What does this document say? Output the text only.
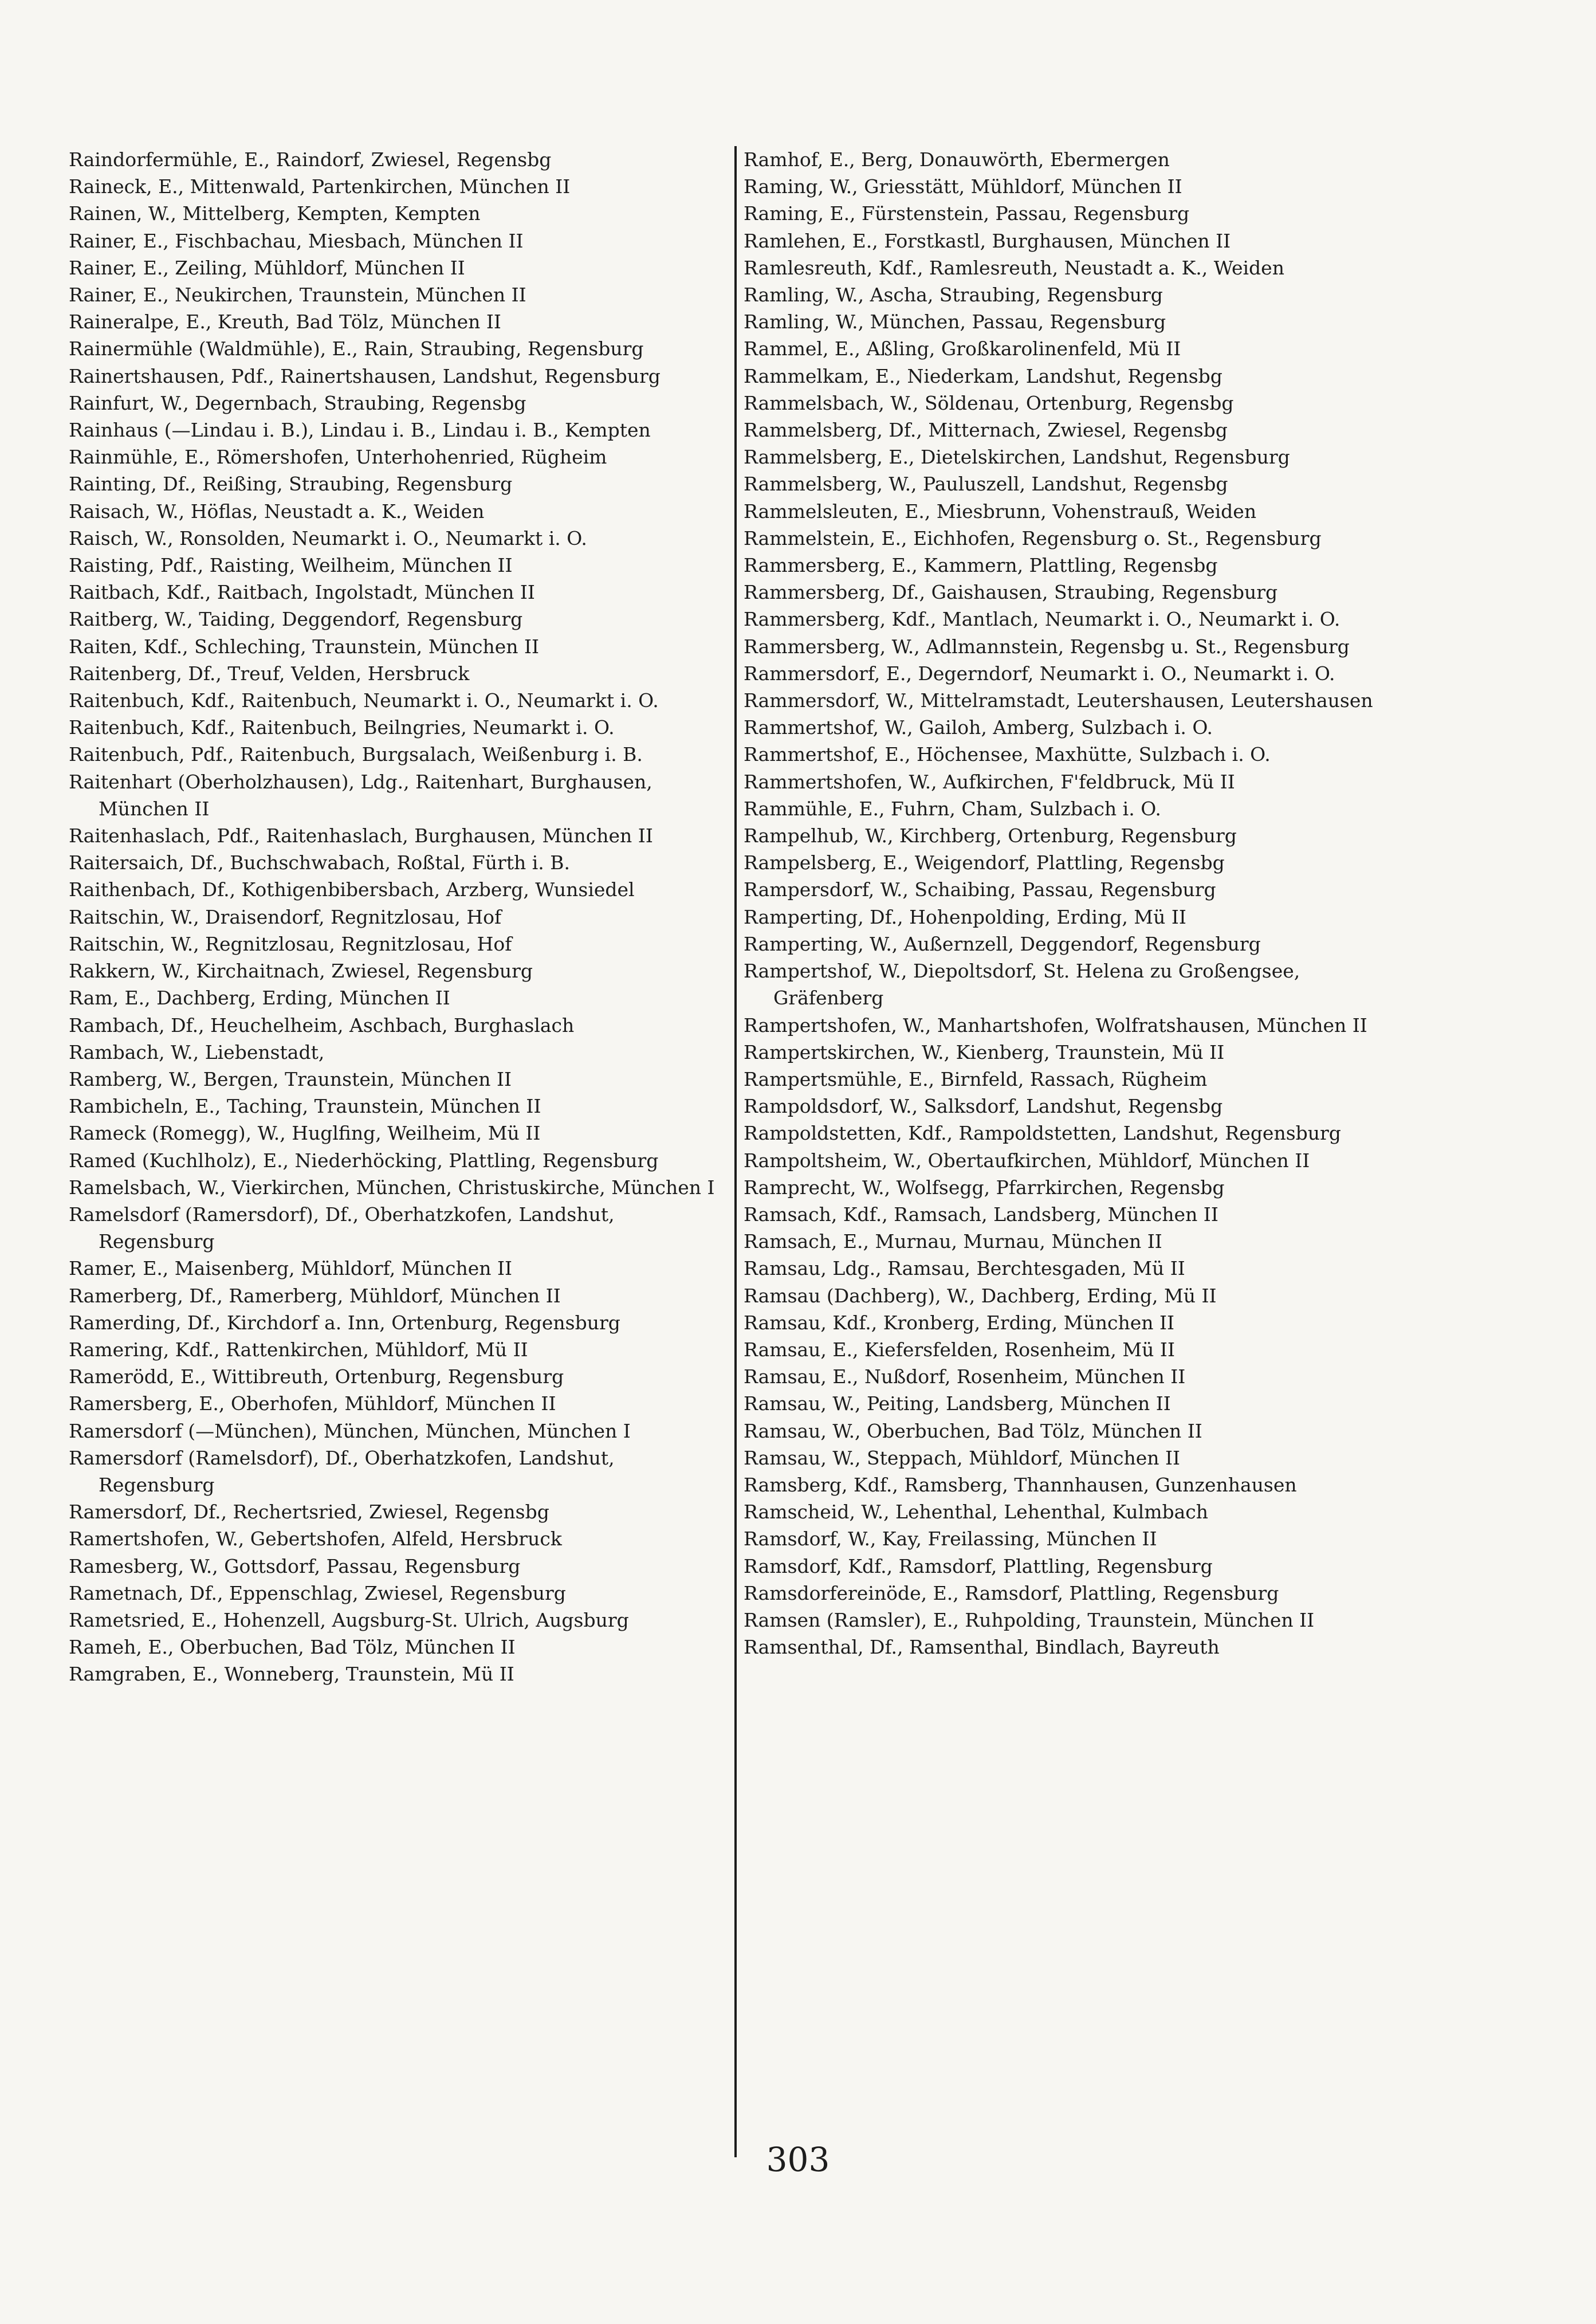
Raindorfermühle, E., Raindorf, Zwiesel, Regensbg

Raineck, E., Mittenwald, Partenkirchen, München II

Rainen, W., Mittelberg, Kempten, Kempten

Rainer, E., Fischbachau, Miesbach, München II

Rainer, E., Zeiling, Mühldorf, München II

Rainer, E., Neukirchen, Traunstein, München II

Raineralpe, E., Kreuth, Bad Tölz, München II

Rainermühle (Waldmühle), E., Rain, Straubing, Regensburg

Rainertshausen, Pdf., Rainertshausen, Landshut, Regensburg

Rainfurt, W., Degernbach, Straubing, Regensbg

Rainhaus (—Lindau i. B.), Lindau i. B., Lindau i. B., Kempten

Rainmühle, E., Römershofen, Unterhohenried, Rügheim

Rainting, Df., Reißing, Straubing, Regensburg

Raisach, W., Höflas, Neustadt a. K., Weiden

Raisch, W., Ronsolden, Neumarkt i. O., Neumarkt i. O.

Raisting, Pdf., Raisting, Weilheim, München II

Raitbach, Kdf., Raitbach, Ingolstadt, München II

Raitberg, W., Taiding, Deggendorf, Regensburg

Raiten, Kdf., Schleching, Traunstein, München II

Raitenberg, Df., Treuf, Velden, Hersbruck

Raitenbuch, Kdf., Raitenbuch, Neumarkt i. O., Neumarkt i. O.

Raitenbuch, Kdf., Raitenbuch, Beilngries, Neumarkt i. O.

Raitenbuch, Pdf., Raitenbuch, Burgsalach, Weißenburg i. B.

Raitenhart (Oberholzhausen), Ldg., Raitenhart, Burghausen, München II

Raitenhaslach, Pdf., Raitenhaslach, Burghausen, München II

Raitersaich, Df., Buchschwabach, Roßtal, Fürth i. B.

Raithenbach, Df., Kothigenbibersbach, Arzberg, Wunsiedel

Raitschin, W., Draisendorf, Regnitzlosau, Hof

Raitschin, W., Regnitzlosau, Regnitzlosau, Hof

Rakkern, W., Kirchaitnach, Zwiesel, Regensburg

Ram, E., Dachberg, Erding, München II

Rambach, Df., Heuchelheim, Aschbach, Burghaslach

Rambach, W., Liebenstadt,

Ramberg, W., Bergen, Traunstein, München II

Rambicheln, E., Taching, Traunstein, München II

Rameck (Romegg), W., Huglfing, Weilheim, Mü II

Ramed (Kuchlholz), E., Niederhöcking, Plattling, Regensburg

Ramelsbach, W., Vierkirchen, München, Christuskirche, München I

Ramelsdorf (Ramersdorf), Df., Oberhatzkofen, Landshut, Regensburg

Ramer, E., Maisenberg, Mühldorf, München II

Ramerberg, Df., Ramerberg, Mühldorf, München II

Ramerding, Df., Kirchdorf a. Inn, Ortenburg, Regensburg

Ramering, Kdf., Rattenkirchen, Mühldorf, Mü II

Ramerödd, E., Wittibreuth, Ortenburg, Regensburg

Ramersberg, E., Oberhofen, Mühldorf, München II

Ramersdorf (—München), München, München, München I

Ramersdorf (Ramelsdorf), Df., Oberhatzkofen, Landshut, Regensburg

Ramersdorf, Df., Rechertsried, Zwiesel, Regensbg

Ramertshofen, W., Gebertshofen, Alfeld, Hersbruck

Ramesberg, W., Gottsdorf, Passau, Regensburg

Rametnach, Df., Eppenschlag, Zwiesel, Regensburg

Rametsried, E., Hohenzell, Augsburg-St. Ulrich, Augsburg

Rameh, E., Oberbuchen, Bad Tölz, München II

Ramgraben, E., Wonneberg, Traunstein, Mü II

Ramhof, E., Berg, Donauwörth, Ebermergen

Raming, W., Griesstätt, Mühldorf, München II

Raming, E., Fürstenstein, Passau, Regensburg

Ramlehen, E., Forstkastl, Burghausen, München II

Ramlesreuth, Kdf., Ramlesreuth, Neustadt a. K., Weiden

Ramling, W., Ascha, Straubing, Regensburg

Ramling, W., München, Passau, Regensburg

Rammel, E., Aßling, Großkarolinenfeld, Mü II

Rammelkam, E., Niederkam, Landshut, Regensbg

Rammelsbach, W., Söldenau, Ortenburg, Regensbg

Rammelsberg, Df., Mitternach, Zwiesel, Regensbg

Rammelsberg, E., Dietelskirchen, Landshut, Regensburg

Rammelsberg, W., Pauluszell, Landshut, Regensbg

Rammelsleuten, E., Miesbrunn, Vohenstrauß, Weiden

Rammelstein, E., Eichhofen, Regensburg o. St., Regensburg

Rammersberg, E., Kammern, Plattling, Regensbg

Rammersberg, Df., Gaishausen, Straubing, Regensburg

Rammersberg, Kdf., Mantlach, Neumarkt i. O., Neumarkt i. O.

Rammersberg, W., Adlmannstein, Regensbg u. St., Regensburg

Rammersdorf, E., Degerndorf, Neumarkt i. O., Neumarkt i. O.

Rammersdorf, W., Mittelramstadt, Leutershausen, Leutershausen

Rammertshof, W., Gailoh, Amberg, Sulzbach i. O.

Rammertshof, E., Höchensee, Maxhütte, Sulzbach i. O.

Rammertshofen, W., Aufkirchen, F'feldbruck, Mü II

Rammühle, E., Fuhrn, Cham, Sulzbach i. O.

Rampelhub, W., Kirchberg, Ortenburg, Regensburg

Rampelsberg, E., Weigendorf, Plattling, Regensbg

Rampersdorf, W., Schaibing, Passau, Regensburg

Ramperting, Df., Hohenpolding, Erding, Mü II

Ramperting, W., Außernzell, Deggendorf, Regensburg

Rampertshof, W., Diepoltsdorf, St. Helena zu Großengsee, Gräfenberg

Rampertshofen, W., Manhartshofen, Wolfratshausen, München II

Rampertskirchen, W., Kienberg, Traunstein, Mü II

Rampertsmühle, E., Birnfeld, Rassach, Rügheim

Rampoldsdorf, W., Salksdorf, Landshut, Regensbg

Rampoldstetten, Kdf., Rampoldstetten, Landshut, Regensburg

Rampoltsheim, W., Obertaufkirchen, Mühldorf, München II

Ramprecht, W., Wolfsegg, Pfarrkirchen, Regensbg

Ramsach, Kdf., Ramsach, Landsberg, München II

Ramsach, E., Murnau, Murnau, München II

Ramsau, Ldg., Ramsau, Berchtesgaden, Mü II

Ramsau (Dachberg), W., Dachberg, Erding, Mü II

Ramsau, Kdf., Kronberg, Erding, München II

Ramsau, E., Kiefersfelden, Rosenheim, Mü II

Ramsau, E., Nußdorf, Rosenheim, München II

Ramsau, W., Peiting, Landsberg, München II

Ramsau, W., Oberbuchen, Bad Tölz, München II

Ramsau, W., Steppach, Mühldorf, München II

Ramsberg, Kdf., Ramsberg, Thannhausen, Gunzenhausen

Ramscheid, W., Lehenthal, Lehenthal, Kulmbach

Ramsdorf, W., Kay, Freilassing, München II

Ramsdorf, Kdf., Ramsdorf, Plattling, Regensburg

Ramsdorfereinöde, E., Ramsdorf, Plattling, Regensburg

Ramsen (Ramsler), E., Ruhpolding, Traunstein, München II

Ramsenthal, Df., Ramsenthal, Bindlach, Bayreuth

303
